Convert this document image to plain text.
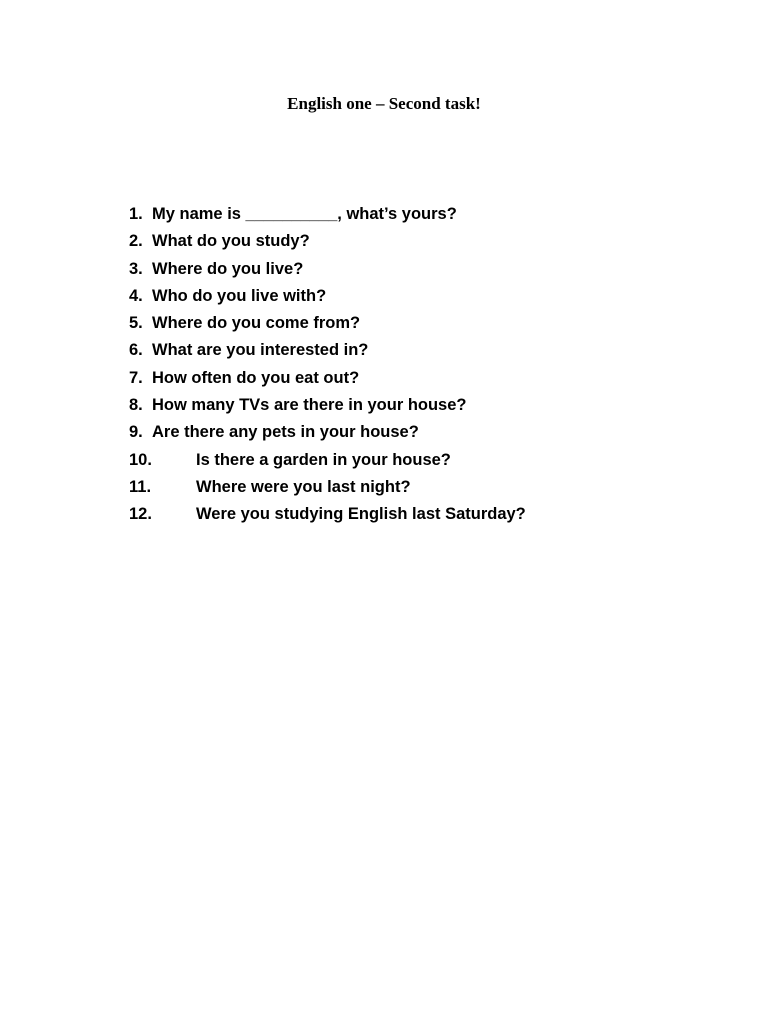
English one – Second task!
1. My name is __________, what’s yours?
2. What do you study?
3. Where do you live?
4. Who do you live with?
5. Where do you come from?
6. What are you interested in?
7. How often do you eat out?
8. How many TVs are there in your house?
9. Are there any pets in your house?
10.	Is there a garden in your house?
11.	Where were you last night?
12.	Were you studying English last Saturday?
